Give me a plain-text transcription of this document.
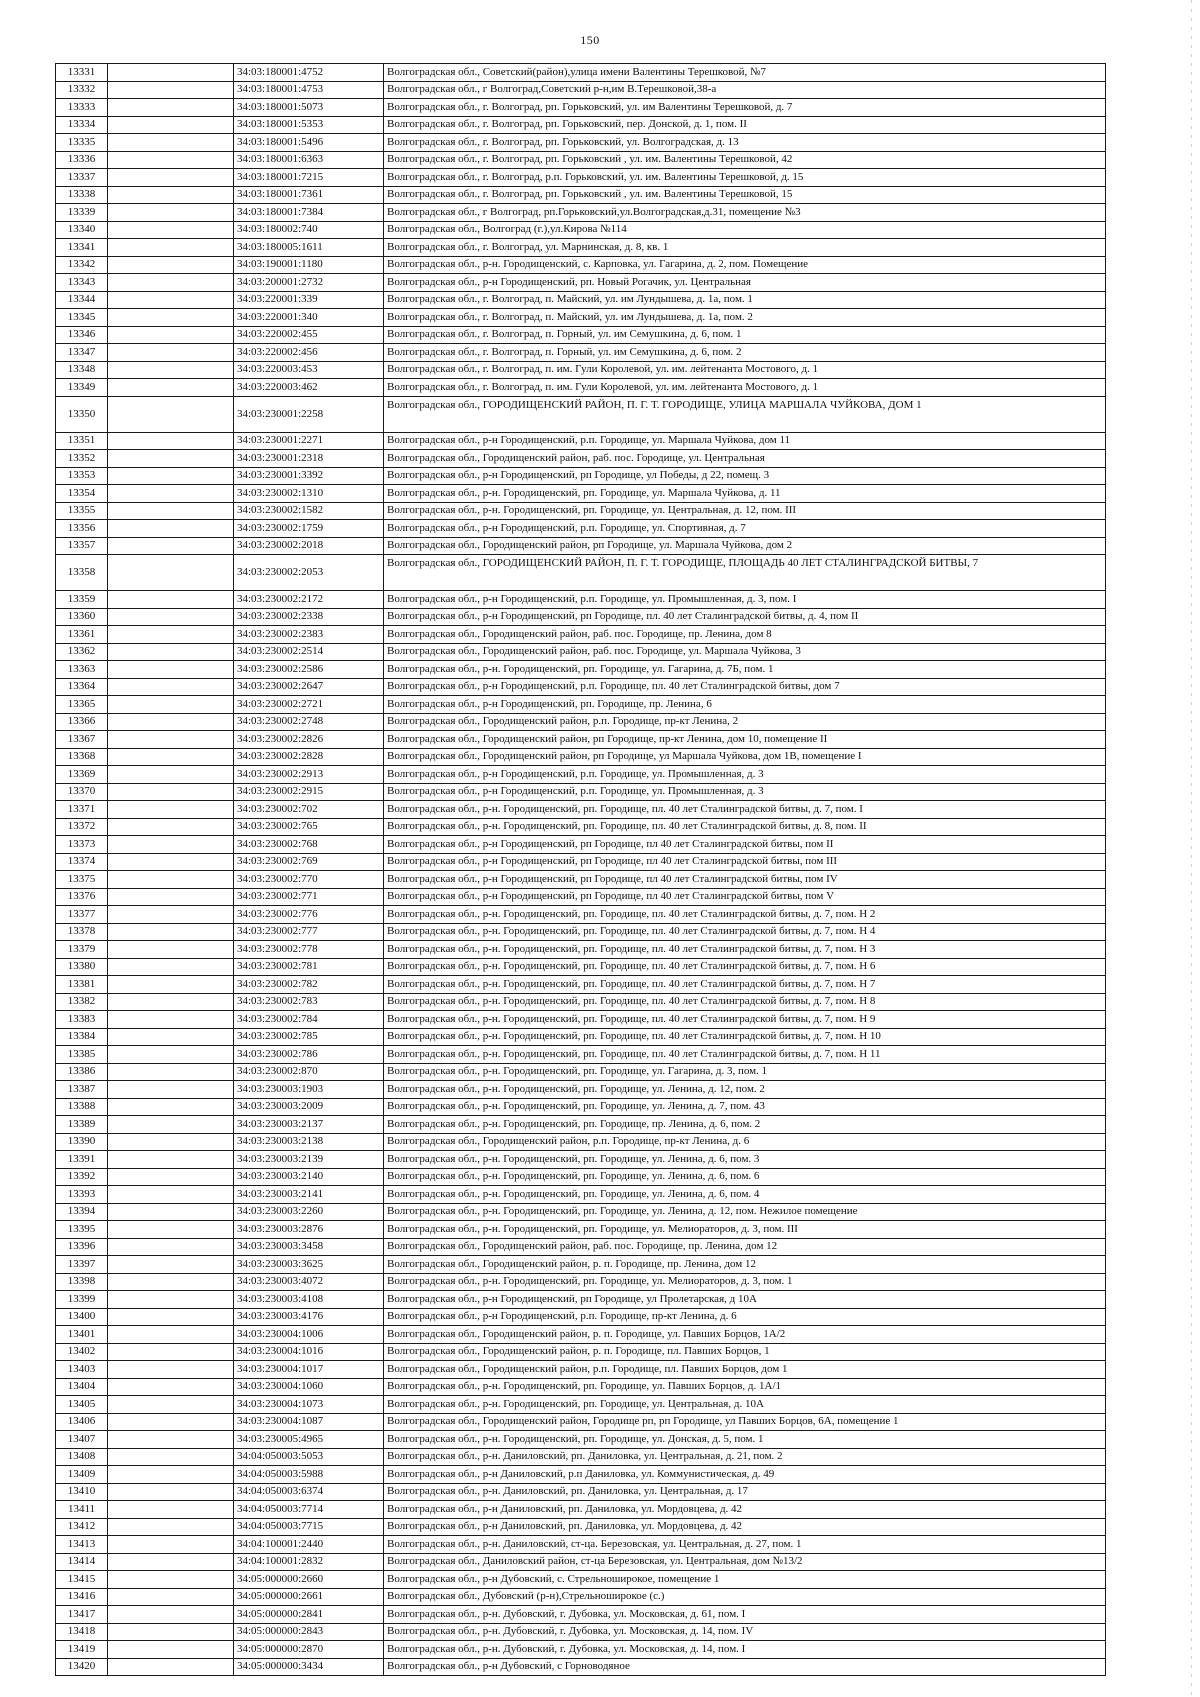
150
13331		34:03:180001:4752	Волгоградская обл., Советский(район),улица имени Валентины Терешковой, №7
13332		34:03:180001:4753	Волгоградская обл., г Волгоград,Советский р-н,им В.Терешковой,38-а
13333		34:03:180001:5073	Волгоградская обл., г. Волгоград, рп. Горьковский, ул. им Валентины Терешковой, д. 7
13334		34:03:180001:5353	Волгоградская обл., г. Волгоград, рп. Горьковский, пер. Донской, д. 1, пом. II
13335		34:03:180001:5496	Волгоградская обл., г. Волгоград, рп. Горьковский, ул. Волгоградская, д. 13
13336		34:03:180001:6363	Волгоградская обл., г. Волгоград, рп. Горьковский , ул. им. Валентины Терешковой, 42
13337		34:03:180001:7215	Волгоградская обл., г. Волгоград, р.п. Горьковский, ул. им. Валентины Терешковой, д. 15
13338		34:03:180001:7361	Волгоградская обл., г. Волгоград, рп. Горьковский , ул. им. Валентины Терешковой, 15
13339		34:03:180001:7384	Волгоградская обл., г Волгоград, рп.Горьковский,ул.Волгоградская,д.31, помещение №3
13340		34:03:180002:740	Волгоградская обл., Волгоград (г.),ул.Кирова №114
13341		34:03:180005:1611	Волгоградская обл., г. Волгоград, ул. Марнинская, д. 8, кв. 1
13342		34:03:190001:1180	Волгоградская обл., р-н. Городищенский, с. Карповка, ул. Гагарина, д. 2, пом. Помещение
13343		34:03:200001:2732	Волгоградская обл., р-н Городищенский, рп. Новый Рогачик, ул. Центральная
13344		34:03:220001:339	Волгоградская обл., г. Волгоград, п. Майский, ул. им Лундышева, д. 1а, пом. 1
13345		34:03:220001:340	Волгоградская обл., г. Волгоград, п. Майский, ул. им Лундышева, д. 1а, пом. 2
13346		34:03:220002:455	Волгоградская обл., г. Волгоград, п. Горный, ул. им Семушкина, д. 6, пом. 1
13347		34:03:220002:456	Волгоградская обл., г. Волгоград, п. Горный, ул. им Семушкина, д. 6, пом. 2
13348		34:03:220003:453	Волгоградская обл., г. Волгоград, п. им. Гули Королевой, ул. им. лейтенанта Мостового, д. 1
13349		34:03:220003:462	Волгоградская обл., г. Волгоград, п. им. Гули Королевой, ул. им. лейтенанта Мостового, д. 1
13350		34:03:230001:2258	Волгоградская обл., ГОРОДИЩЕНСКИЙ РАЙОН, П. Г. Т. ГОРОДИЩЕ, УЛИЦА МАРШАЛА ЧУЙКОВА, ДОМ 1
13351		34:03:230001:2271	Волгоградская обл., р-н Городищенский, р.п. Городище, ул. Маршала Чуйкова, дом 11
13352		34:03:230001:2318	Волгоградская обл., Городищенский район, раб. пос. Городище, ул. Центральная
13353		34:03:230001:3392	Волгоградская обл., р-н Городищенский, рп Городище, ул Победы, д 22, помещ. 3
13354		34:03:230002:1310	Волгоградская обл., р-н. Городищенский, рп. Городище, ул. Маршала Чуйкова, д. 11
13355		34:03:230002:1582	Волгоградская обл., р-н. Городищенский, рп. Городище, ул. Центральная, д. 12, пом. III
13356		34:03:230002:1759	Волгоградская обл., р-н Городищенский, р.п. Городище, ул. Спортивная, д. 7
13357		34:03:230002:2018	Волгоградская обл., Городищенский район, рп Городище, ул. Маршала Чуйкова, дом 2
13358		34:03:230002:2053	Волгоградская обл., ГОРОДИЩЕНСКИЙ РАЙОН, П. Г. Т. ГОРОДИЩЕ, ПЛОЩАДЬ 40 ЛЕТ СТАЛИНГРАДСКОЙ БИТВЫ, 7
13359		34:03:230002:2172	Волгоградская обл., р-н Городищенский, р.п. Городище, ул. Промышленная, д. 3, пом. I
13360		34:03:230002:2338	Волгоградская обл., р-н Городищенский, рп Городище, пл. 40 лет Сталинградской битвы, д. 4, пом II
13361		34:03:230002:2383	Волгоградская обл., Городищенский район, раб. пос. Городище, пр. Ленина, дом 8
13362		34:03:230002:2514	Волгоградская обл., Городищенский район, раб. пос. Городище, ул. Маршала Чуйкова, 3
13363		34:03:230002:2586	Волгоградская обл., р-н. Городищенский, рп. Городище, ул. Гагарина, д. 7Б, пом. 1
13364		34:03:230002:2647	Волгоградская обл., р-н Городищенский, р.п. Городище, пл. 40 лет Сталинградской битвы, дом 7
13365		34:03:230002:2721	Волгоградская обл., р-н Городищенский, рп. Городище, пр. Ленина, 6
13366		34:03:230002:2748	Волгоградская обл., Городищенский район, р.п. Городище, пр-кт Ленина, 2
13367		34:03:230002:2826	Волгоградская обл., Городищенский район, рп Городище, пр-кт Ленина, дом 10, помещение II
13368		34:03:230002:2828	Волгоградская обл., Городищенский район, рп Городище, ул Маршала Чуйкова, дом 1В, помещение I
13369		34:03:230002:2913	Волгоградская обл., р-н Городищенский, р.п. Городище, ул. Промышленная, д. 3
13370		34:03:230002:2915	Волгоградская обл., р-н Городищенский, р.п. Городище, ул. Промышленная, д. 3
13371		34:03:230002:702	Волгоградская обл., р-н. Городищенский, рп. Городище, пл. 40 лет Сталинградской битвы, д. 7, пом. I
13372		34:03:230002:765	Волгоградская обл., р-н. Городищенский, рп. Городище, пл. 40 лет Сталинградской битвы, д. 8, пом. II
13373		34:03:230002:768	Волгоградская обл., р-н Городищенский, рп Городище, пл 40 лет Сталинградской битвы, пом II
13374		34:03:230002:769	Волгоградская обл., р-н Городищенский, рп Городище, пл 40 лет Сталинградской битвы, пом III
13375		34:03:230002:770	Волгоградская обл., р-н Городищенский, рп Городище, пл 40 лет Сталинградской битвы, пом IV
13376		34:03:230002:771	Волгоградская обл., р-н Городищенский, рп Городище, пл 40 лет Сталинградской битвы, пом V
13377		34:03:230002:776	Волгоградская обл., р-н. Городищенский, рп. Городище, пл. 40 лет Сталинградской битвы, д. 7, пом. Н 2
13378		34:03:230002:777	Волгоградская обл., р-н. Городищенский, рп. Городище, пл. 40 лет Сталинградской битвы, д. 7, пом. Н 4
13379		34:03:230002:778	Волгоградская обл., р-н. Городищенский, рп. Городище, пл. 40 лет Сталинградской битвы, д. 7, пом. Н 3
13380		34:03:230002:781	Волгоградская обл., р-н. Городищенский, рп. Городище, пл. 40 лет Сталинградской битвы, д. 7, пом. Н 6
13381		34:03:230002:782	Волгоградская обл., р-н. Городищенский, рп. Городище, пл. 40 лет Сталинградской битвы, д. 7, пом. Н 7
13382		34:03:230002:783	Волгоградская обл., р-н. Городищенский, рп. Городище, пл. 40 лет Сталинградской битвы, д. 7, пом. Н 8
13383		34:03:230002:784	Волгоградская обл., р-н. Городищенский, рп. Городище, пл. 40 лет Сталинградской битвы, д. 7, пом. Н 9
13384		34:03:230002:785	Волгоградская обл., р-н. Городищенский, рп. Городище, пл. 40 лет Сталинградской битвы, д. 7, пом. Н 10
13385		34:03:230002:786	Волгоградская обл., р-н. Городищенский, рп. Городище, пл. 40 лет Сталинградской битвы, д. 7, пом. Н 11
13386		34:03:230002:870	Волгоградская обл., р-н. Городищенский, рп. Городище, ул. Гагарина, д. 3, пом. 1
13387		34:03:230003:1903	Волгоградская обл., р-н. Городищенский, рп. Городище, ул. Ленина, д. 12, пом. 2
13388		34:03:230003:2009	Волгоградская обл., р-н. Городищенский, рп. Городище, ул. Ленина, д. 7, пом. 43
13389		34:03:230003:2137	Волгоградская обл., р-н. Городищенский, рп. Городище, пр. Ленина, д. 6, пом. 2
13390		34:03:230003:2138	Волгоградская обл., Городищенский район, р.п. Городище, пр-кт Ленина, д. 6
13391		34:03:230003:2139	Волгоградская обл., р-н. Городищенский, рп. Городище, ул. Ленина, д. 6, пом. 3
13392		34:03:230003:2140	Волгоградская обл., р-н. Городищенский, рп. Городище, ул. Ленина, д. 6, пом. 6
13393		34:03:230003:2141	Волгоградская обл., р-н. Городищенский, рп. Городище, ул. Ленина, д. 6, пом. 4
13394		34:03:230003:2260	Волгоградская обл., р-н. Городищенский, рп. Городище, ул. Ленина, д. 12, пом. Нежилое помещение
13395		34:03:230003:2876	Волгоградская обл., р-н. Городищенский, рп. Городище, ул. Мелиораторов, д. 3, пом. III
13396		34:03:230003:3458	Волгоградская обл., Городищенский район, раб. пос. Городище, пр. Ленина, дом 12
13397		34:03:230003:3625	Волгоградская обл., Городищенский район, р. п. Городище, пр. Ленина, дом 12
13398		34:03:230003:4072	Волгоградская обл., р-н. Городищенский, рп. Городище, ул. Мелиораторов, д. 3, пом. 1
13399		34:03:230003:4108	Волгоградская обл., р-н Городищенский, рп Городище, ул Пролетарская, д 10А
13400		34:03:230003:4176	Волгоградская обл., р-н Городищенский, р.п. Городище, пр-кт Ленина, д. 6
13401		34:03:230004:1006	Волгоградская обл., Городищенский район, р. п. Городище, ул. Павших Борцов, 1А/2
13402		34:03:230004:1016	Волгоградская обл., Городищенский район, р. п. Городище, пл. Павших Борцов, 1
13403		34:03:230004:1017	Волгоградская обл., Городищенский район, р.п. Городище, пл. Павших Борцов, дом 1
13404		34:03:230004:1060	Волгоградская обл., р-н. Городищенский, рп. Городище, ул. Павших Борцов, д. 1А/1
13405		34:03:230004:1073	Волгоградская обл., р-н. Городищенский, рп. Городище, ул. Центральная, д. 10А
13406		34:03:230004:1087	Волгоградская обл., Городищенский район, Городище рп, рп Городище, ул Павших Борцов, 6А, помещение 1
13407		34:03:230005:4965	Волгоградская обл., р-н. Городищенский, рп. Городище, ул. Донская, д. 5, пом. 1
13408		34:04:050003:5053	Волгоградская обл., р-н. Даниловский, рп. Даниловка, ул. Центральная, д. 21, пом. 2
13409		34:04:050003:5988	Волгоградская обл., р-н Даниловский, р.п Даниловка, ул. Коммунистическая, д. 49
13410		34:04:050003:6374	Волгоградская обл., р-н. Даниловский, рп. Даниловка, ул. Центральная, д. 17
13411		34:04:050003:7714	Волгоградская обл., р-н Даниловский, рп. Даниловка, ул. Мордовцева, д. 42
13412		34:04:050003:7715	Волгоградская обл., р-н Даниловский, рп. Даниловка, ул. Мордовцева, д. 42
13413		34:04:100001:2440	Волгоградская обл., р-н. Даниловский, ст-ца. Березовская, ул. Центральная, д. 27, пом. 1
13414		34:04:100001:2832	Волгоградская обл., Даниловский район, ст-ца Березовская, ул. Центральная, дом №13/2
13415		34:05:000000:2660	Волгоградская обл., р-н Дубовский, с. Стрельноширокое, помещение 1
13416		34:05:000000:2661	Волгоградская обл., Дубовский (р-н),Стрельноширокое (с.)
13417		34:05:000000:2841	Волгоградская обл., р-н. Дубовский, г. Дубовка, ул. Московская, д. 61, пом. I
13418		34:05:000000:2843	Волгоградская обл., р-н. Дубовский, г. Дубовка, ул. Московская, д. 14, пом. IV
13419		34:05:000000:2870	Волгоградская обл., р-н. Дубовский, г. Дубовка, ул. Московская, д. 14, пом. I
13420		34:05:000000:3434	Волгоградская обл., р-н Дубовский, с Горноводяное
